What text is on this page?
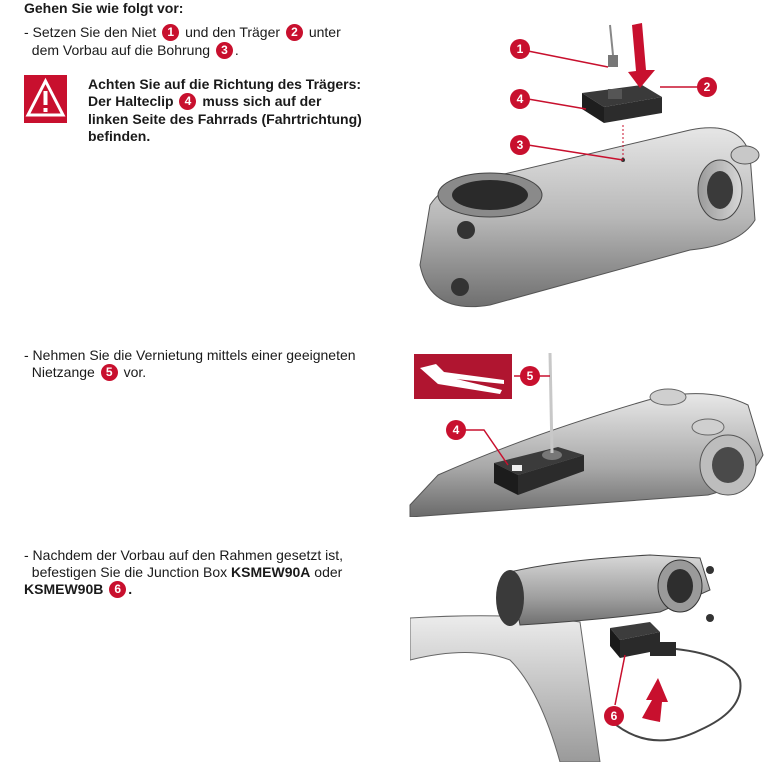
Gehen Sie wie folgt vor:
- Setzen Sie den Niet 1 und den Träger 2 unter
dem Vorbau auf die Bohrung 3 .
Achten Sie auf die Richtung des Trägers:
Der Halteclip 4 muss sich auf der
linken Seite des Fahrrads (Fahrtrichtung)
befinden.
- Nehmen Sie die Vernietung mittels einer geeigneten
Nietzange 5 vor.
- Nachdem der Vorbau auf den Rahmen gesetzt ist,
befestigen Sie die Junction Box KSMEW90A oder
KSMEW90B 6 .
1
2
4
3
5
4
6
